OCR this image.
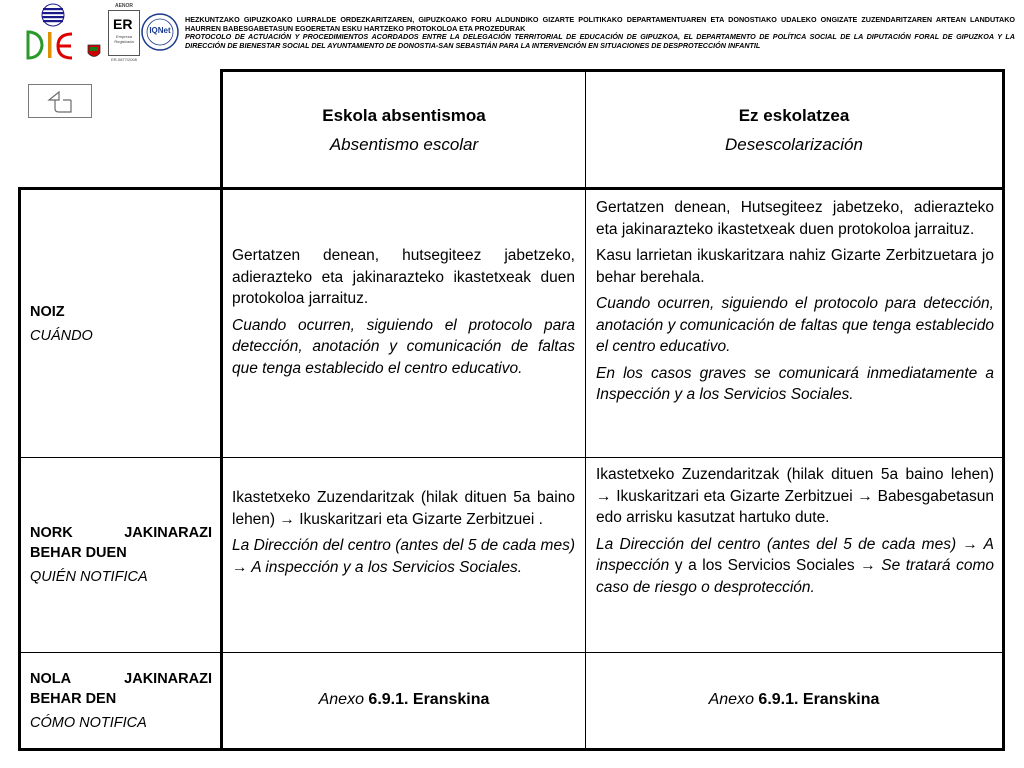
AENOR
ER
Empresa
Registrada
ER-0877/2008
IQNet
HEZKUNTZAKO GIPUZKOAKO LURRALDE ORDEZKARITZAREN, GIPUZKOAKO FORU ALDUNDIKO GIZARTE POLITIKAKO DEPARTAMENTUAREN ETA DONOSTIAKO UDALEKO ONGIZATE ZUZENDARITZAREN ARTEAN LANDUTAKO HAURREN BABESGABETASUN EGOERETAN ESKU HARTZEKO PROTOKOLOA ETA PROZEDURAK
PROTOCOLO DE ACTUACIÓN Y PROCEDIMIENTOS ACORDADOS ENTRE LA DELEGACIÓN TERRITORIAL DE EDUCACIÓN DE GIPUZKOA, EL DEPARTAMENTO DE POLÍTICA SOCIAL DE LA DIPUTACIÓN FORAL DE GIPUZKOA Y LA DIRECCIÓN DE BIENESTAR SOCIAL DEL AYUNTAMIENTO DE DONOSTIA-SAN SEBASTIÁN PARA LA INTERVENCIÓN EN SITUACIONES DE DESPROTECCIÓN INFANTIL
Eskola absentismoa
Absentismo escolar
Ez eskolatzea
Desescolarización
NOIZ
CUÁNDO

Gertatzen denean, hutsegiteez jabetzeko, adierazteko eta jakinarazteko ikastetxeak duen protokoloa jarraituz.

Cuando ocurren, siguiendo el protocolo para detección, anotación y comunicación de faltas que tenga establecido el centro educativo.

Gertatzen denean, Hutsegiteez jabetzeko, adierazteko eta jakinarazteko ikastetxeak duen protokoloa jarraituz.

Kasu larrietan ikuskaritzara nahiz Gizarte Zerbitzuetara jo behar berehala.

Cuando ocurren, siguiendo el protocolo para detección, anotación y comunicación de faltas que tenga establecido el centro educativo.

En los casos graves se comunicará inmediatamente a Inspección y a los Servicios Sociales.

NORK JAKINARAZI BEHAR DUEN
QUIÉN NOTIFICA

Ikastetxeko Zuzendaritzak (hilak dituen 5a baino lehen) → Ikuskaritzari eta Gizarte Zerbitzuei .

La Dirección del centro (antes del 5 de cada mes) → A inspección y a los Servicios Sociales.

Ikastetxeko Zuzendaritzak (hilak dituen 5a baino lehen) → Ikuskaritzari eta Gizarte Zerbitzuei → Babesgabetasun edo arrisku kasutzat hartuko dute.

La Dirección del centro (antes del 5 de cada mes) → A inspección y a los Servicios Sociales → Se tratará como caso de riesgo o desprotección.

NOLA JAKINARAZI BEHAR DEN
CÓMO NOTIFICA
Anexo 6.9.1. Eranskina	Anexo 6.9.1. Eranskina
